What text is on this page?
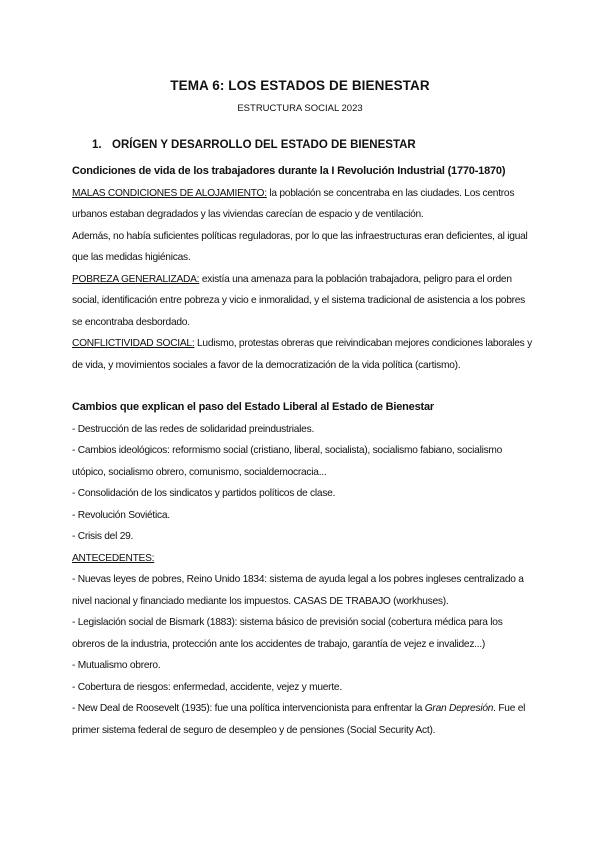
TEMA 6: LOS ESTADOS DE BIENESTAR
ESTRUCTURA SOCIAL 2023
1. ORÍGEN Y DESARROLLO DEL ESTADO DE BIENESTAR

Condiciones de vida de los trabajadores durante la I Revolución Industrial (1770-1870)

MALAS CONDICIONES DE ALOJAMIENTO: la población se concentraba en las ciudades. Los centros urbanos estaban degradados y las viviendas carecían de espacio y de ventilación.

Además, no había suficientes políticas reguladoras, por lo que las infraestructuras eran deficientes, al igual que las medidas higiénicas.

POBREZA GENERALIZADA: existía una amenaza para la población trabajadora, peligro para el orden social, identificación entre pobreza y vicio e inmoralidad, y el sistema tradicional de asistencia a los pobres se encontraba desbordado.

CONFLICTIVIDAD SOCIAL: Ludismo, protestas obreras que reivindicaban mejores condiciones laborales y de vida, y movimientos sociales a favor de la democratización de la vida política (cartismo).

Cambios que explican el paso del Estado Liberal al Estado de Bienestar

- Destrucción de las redes de solidaridad preindustriales.

- Cambios ideológicos: reformismo social (cristiano, liberal, socialista), socialismo fabiano, socialismo utópico, socialismo obrero, comunismo, socialdemocracia...

- Consolidación de los sindicatos y partidos políticos de clase.

- Revolución Soviética.

- Crisis del 29.

ANTECEDENTES:

- Nuevas leyes de pobres, Reino Unido 1834: sistema de ayuda legal a los pobres ingleses centralizado a nivel nacional y financiado mediante los impuestos. CASAS DE TRABAJO (workhuses).

- Legislación social de Bismark (1883): sistema básico de previsión social (cobertura médica para los obreros de la industria, protección ante los accidentes de trabajo, garantía de vejez e invalidez...)

- Mutualismo obrero.

- Cobertura de riesgos: enfermedad, accidente, vejez y muerte.

- New Deal de Roosevelt (1935): fue una política intervencionista para enfrentar la Gran Depresión. Fue el primer sistema federal de seguro de desempleo y de pensiones (Social Security Act).
